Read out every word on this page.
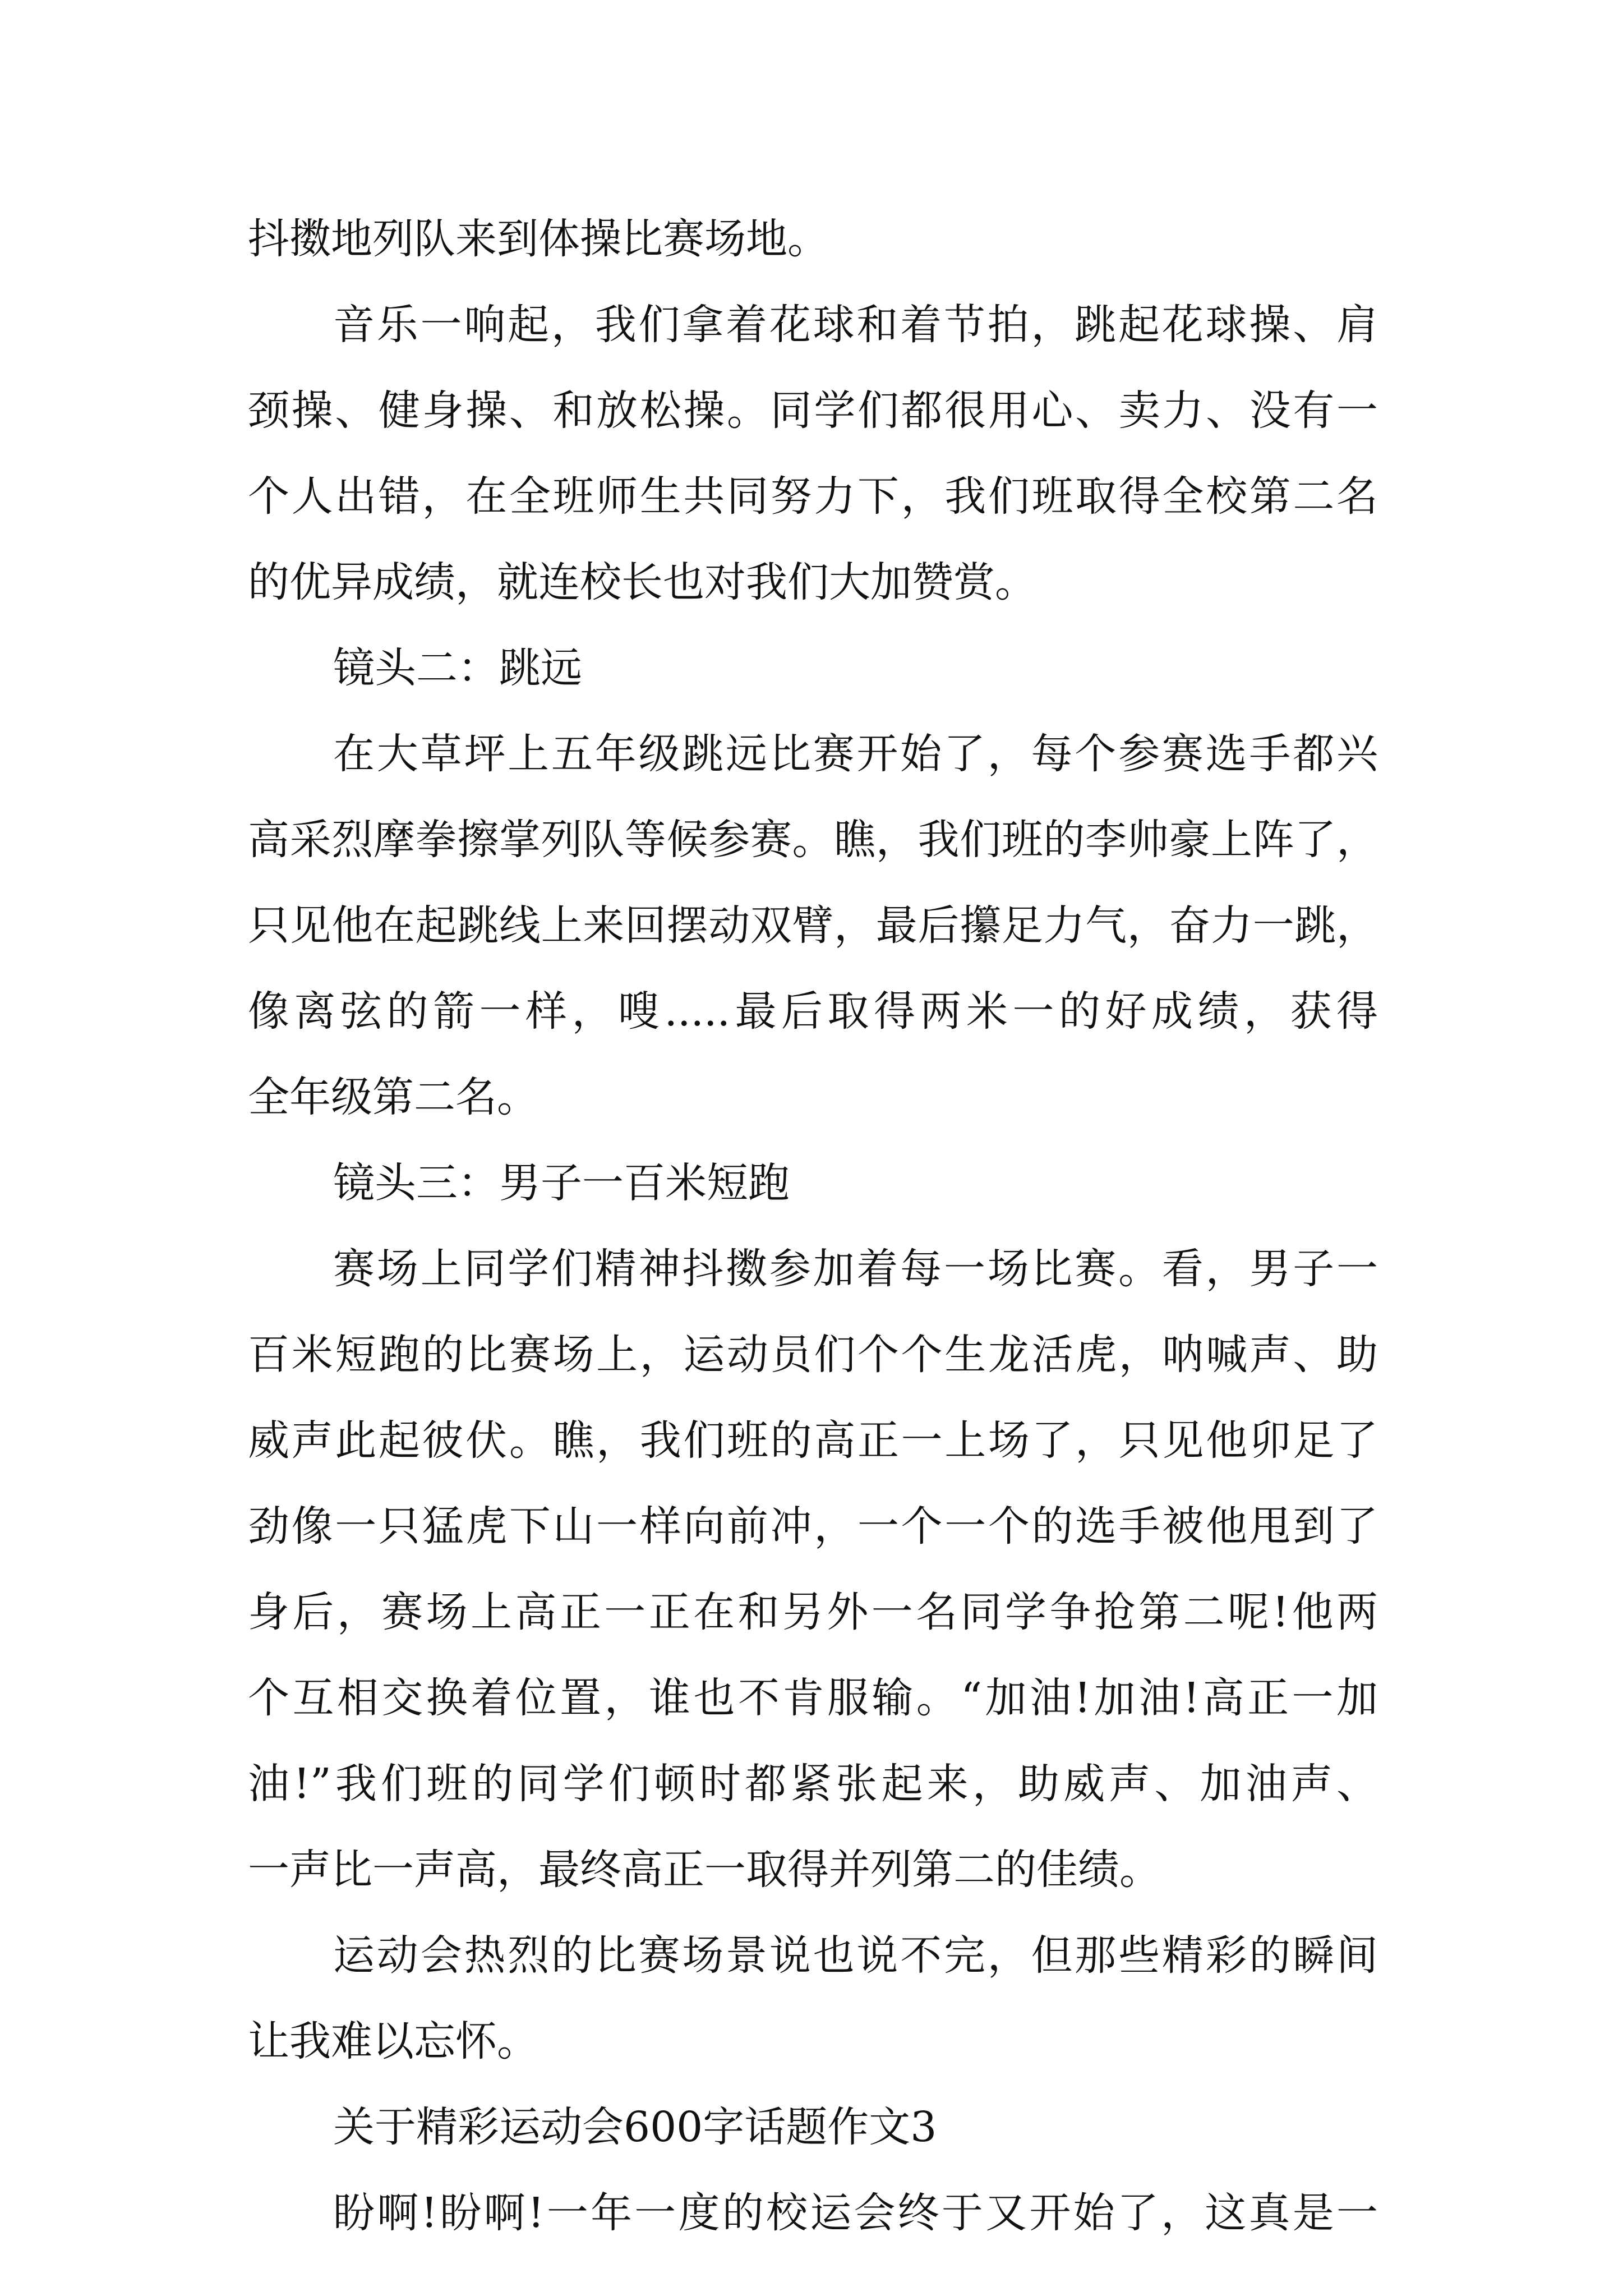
抖擞地列队来到体操比赛场地。

音乐一响起，我们拿着花球和着节拍，跳起花球操、肩

颈操、健身操、和放松操。同学们都很用心、卖力、没有一

个人出错，在全班师生共同努力下，我们班取得全校第二名

的优异成绩，就连校长也对我们大加赞赏。

镜头二：跳远

在大草坪上五年级跳远比赛开始了，每个参赛选手都兴

高采烈摩拳擦掌列队等候参赛。瞧，我们班的李帅豪上阵了，

只见他在起跳线上来回摆动双臂，最后攥足力气，奋力一跳，

像离弦的箭一样，嗖.....最后取得两米一的好成绩，获得

全年级第二名。

镜头三：男子一百米短跑

赛场上同学们精神抖擞参加着每一场比赛。看，男子一

百米短跑的比赛场上，运动员们个个生龙活虎，呐喊声、助

威声此起彼伏。瞧，我们班的高正一上场了，只见他卯足了

劲像一只猛虎下山一样向前冲，一个一个的选手被他甩到了

身后，赛场上高正一正在和另外一名同学争抢第二呢!他两

个互相交换着位置，谁也不肯服输。“加油!加油!高正一加

油!”我们班的同学们顿时都紧张起来，助威声、加油声、

一声比一声高，最终高正一取得并列第二的佳绩。

运动会热烈的比赛场景说也说不完，但那些精彩的瞬间

让我难以忘怀。

关于精彩运动会600字话题作文3

盼啊!盼啊!一年一度的校运会终于又开始了，这真是一
